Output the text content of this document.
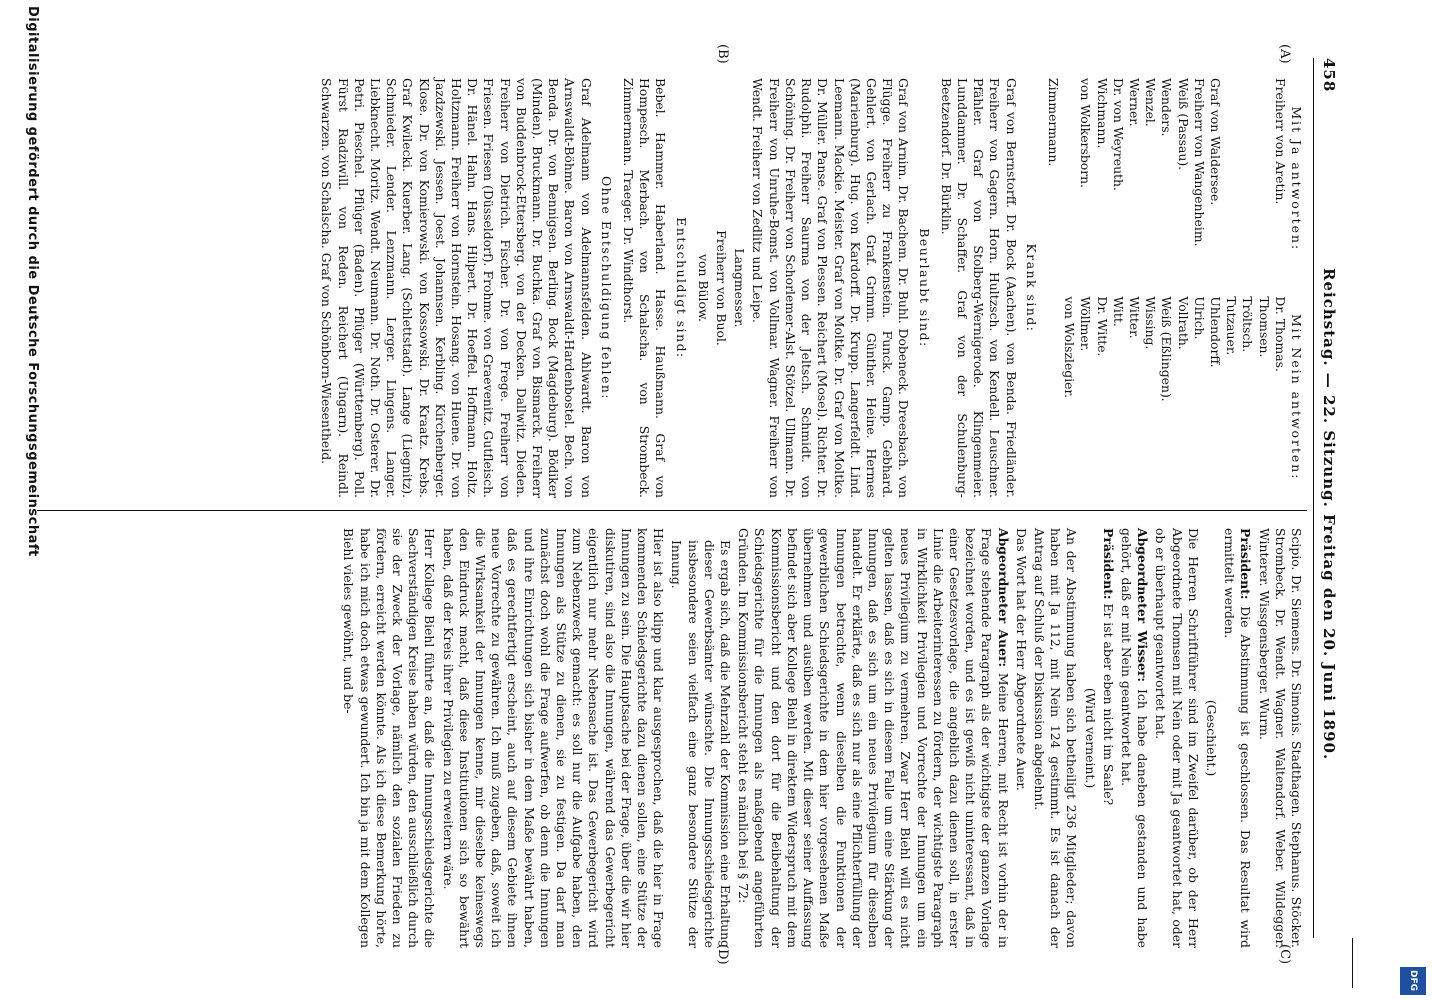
458
Reichstag. — 22. Sitzung. Freitag den 20. Juni 1890.
(A)
(C)
(B)
(D)

Mit Ja antworten:

Freiherr von Aretin.

Graf von Waldersee.

Freiherr von Wangenheim.

Weiß (Passau).

Wenders.

Wenzel.

Werner.

Dr. von Weyreuth.

Wichmann.

von Wolkersborn.

Zimmermann.

Mit Nein antworten:

Dr. Thomas.

Thomsen.

Tröltsch.

Tutzauer.

Uhlendorff.

Ulrich.

Vollrath.

Weiß (Eßlingen).

Wissing.

Witter.

Witt.

Dr. Witte.

Wöllmer.

von Wolszlegier.

Krank sind:

Graf von Bernstorff. Dr. Bock (Aachen). von Benda. Friedländer. Freiherr von Gagern. Horn. Hultzsch. von Kendell. Leuschner. Pfähler. Graf von Stolberg-Wernigerode. Klingenmeier. Lunddammer. Dr. Schaffer. Graf von der Schulenburg-Beetzendorf. Dr. Bürklin.

Beurlaubt sind:

Graf von Arnim. Dr. Bachem. Dr. Buhl. Dobeneck. Dreesbach. von Flügge. Freiherr zu Frankenstein. Funck. Gamp. Gebhard. Gehlert. von Gerlach. Graf. Grimm. Günther. Heine. Hermes (Marienburg). Hug. von Kardorff. Dr. Krupp. Langerfeldt. Lind. Leemann. Mackie. Meister. Graf von Moltke. Dr. Graf von Moltke. Dr. Müller. Panse. Graf von Plessen. Reichert (Mosel). Richter. Dr. Rudolphi. Freiherr Saurma von der Jeltsch. Schmidt. von Schöning. Dr. Freiherr von Schorlemer-Alst. Stötzel. Ullmann. Dr. Freiherr von Unruhe-Bomst. von Vollmar. Wagner. Freiherr von Wendt. Freiherr von Zedlitz und Leipe.

Langmesser.

Freiherr von Buol.

von Bülow.

Entschuldigt sind:

Bebel. Hammer. Haberland. Hasse. Haußmann. Graf von Hompesch. Merbach. von Schalscha. von Strombeck. Zimmermann. Traeger. Dr. Windthorst.

Ohne Entschuldigung fehlen:

Graf Adelmann von Adelmannsfelden. Ahlwardt. Baron von Arnswaldt-Böhme. Baron von Arnswaldt-Hardenbostel. Bech. von Benda. Dr. von Bennigsen. Berling. Bock (Magdeburg). Bödiker (Minden). Bruckmann. Dr. Buchka. Graf von Bismarck. Freiherr von Buddenbrock-Ettersberg. von der Decken. Dallwitz. Dieden. Freiherr von Dietrich. Fischer. Dr. von Frege. Freiherr von Friesen. Friesen (Düsseldorf). Frohme. von Graevenitz. Gutfleisch. Dr. Hänel. Hahn. Hans. Hilpert. Dr. Hoeffel. Hoffmann. Holtz. Holtzmann. Freiherr von Hornstein. Hosang. von Huene. Dr. von Jazdzewski. Jessen. Joest. Johannsen. Kerbling. Kirchenberger. Klose. Dr. von Komierowski. von Kossowski. Dr. Kraatz. Krebs. Graf Kwilecki. Kuerber. Lang. (Schlettstadt). Lange (Liegnitz). Schmieder. Lender. Lenzmann. Lerger. Lingens. Langer. Liebknecht. Moritz. Wendt. Neumann. Dr. Noth. Dr. Osterer. Dr. Petri. Pieschel. Pflüger (Baden). Pflüger (Württemberg). Poll. Fürst Radziwill. von Reden. Reichert (Ungarn). Reindl. Schwarzen. von Schalscha. Graf von Schönborn-Wiesentheid.

Scipio. Dr. Siemens. Dr. Simonis. Stadthagen. Stephanus. Stöcker. Strombeck. Dr. Wendt. Wagner. Waltendorf. Weber. Wildegger. Winterer. Wissgensberger. Wurm.

Präsident: Die Abstimmung ist geschlossen. Das Resultat wird ermittelt werden.

(Geschieht.)

Die Herren Schriftführer sind im Zweifel darüber, ob der Herr Abgeordnete Thomsen mit Nein oder mit Ja geantwortet hat, oder ob er überhaupt geantwortet hat.

Abgeordneter Wisser: Ich habe daneben gestanden und habe gehört, daß er mit Nein geantwortet hat.

Präsident: Er ist aber eben nicht im Saale?

(Wird verneint.)

An der Abstimmung haben sich betheiligt 236 Mitglieder; davon haben mit Ja 112, mit Nein 124 gestimmt. Es ist danach der Antrag auf Schluß der Diskussion abgelehnt.

Das Wort hat der Herr Abgeordnete Auer.

Abgeordneter Auer: Meine Herren, mit Recht ist vorhin der in Frage stehende Paragraph als der wichtigste der ganzen Vorlage bezeichnet worden, und es ist gewiß nicht uninteressant, daß in einer Gesetzesvorlage, die angeblich dazu dienen soll, in erster Linie die Arbeiterinteressen zu fördern, der wichtigste Paragraph in Wirklichkeit Privilegien und Vorrechte der Innungen um ein neues Privilegium zu vermehren. Zwar Herr Biehl will es nicht gelten lassen, daß es sich in diesem Falle um eine Stärkung der Innungen, daß es sich um ein neues Privilegium für dieselben handelt. Er erklärte, daß es sich nur als eine Pflichterfüllung der Innungen betrachte, wenn dieselben die Funktionen der gewerblichen Schiedsgerichte in dem hier vorgesehenen Maße übernehmen und ausüben werden. Mit dieser seiner Auffassung befindet sich aber Kollege Biehl in direktem Widerspruch mit dem Kommissionsbericht und den dort für die Beibehaltung der Schiedsgerichte für die Innungen als maßgebend angeführten Gründen. Im Kommissionsbericht steht es nämlich bei § 72:

Es ergab sich, daß die Mehrzahl der Kommission eine Erhaltung dieser Gewerbsämter wünschte. Die Innungsschiedsgerichte insbesondere seien vielfach eine ganz besondere Stütze der Innung.

Hier ist also klipp und klar ausgesprochen, daß die hier in Frage kommenden Schiedsgerichte dazu dienen sollen, eine Stütze der Innungen zu sein. Die Hauptsache bei der Frage, über die wir hier diskutiren, sind also die Innungen, während das Gewerbegericht eigentlich nur mehr Nebensache ist. Das Gewerbegericht wird zum Nebenzweck gemacht: es soll nur die Aufgabe haben, den Innungen als Stütze zu dienen, sie zu festigen. Da darf man zunächst doch wohl die Frage aufwerfen, ob denn die Innungen und ihre Einrichtungen sich bisher in dem Maße bewährt haben, daß es gerechtfertigt erscheint, auch auf diesem Gebiete ihnen neue Vorrechte zu gewähren. Ich muß zugeben, daß, soweit ich die Wirksamkeit der Innungen kenne, mir dieselbe keineswegs den Eindruck macht, daß diese Institutionen sich so bewährt haben, daß der Kreis ihrer Privilegien zu erweitern wäre.

Herr Kollege Biehl führte an, daß die Innungsschiedsgerichte die Sachverständigen Kreise haben würden, den ausschließlich durch sie der Zweck der Vorlage, nämlich den sozialen Frieden zu fördern, erreicht werden könnte. Als ich diese Bemerkung hörte, habe ich mich doch etwas gewundert. Ich bin ja mit dem Kollegen Biehl vieles gewöhnt, und be-

Digitalisierung gefördert durch die Deutsche Forschungsgemeinschaft
DFG
